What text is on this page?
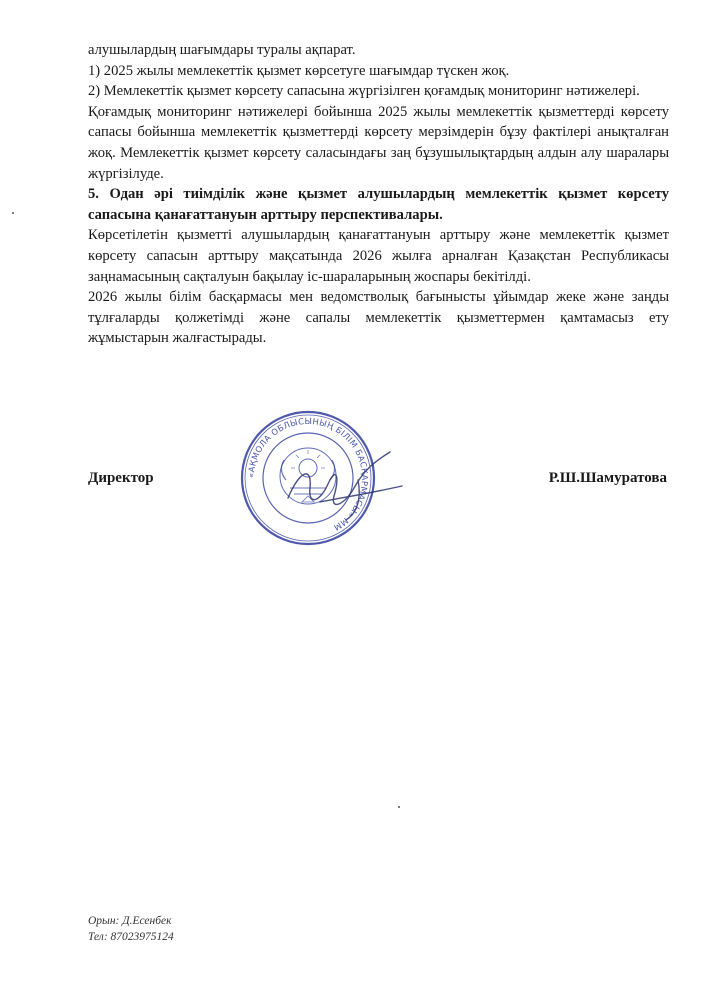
алушылардың шағымдары туралы ақпарат.

1) 2025 жылы мемлекеттік қызмет көрсетуге шағымдар түскен жоқ.

2) Мемлекеттік қызмет көрсету сапасына жүргізілген қоғамдық мониторинг нәтижелері.

Қоғамдық мониторинг нәтижелері бойынша 2025 жылы мемлекеттік қызметтерді көрсету сапасы бойынша мемлекеттік қызметтерді көрсету мерзімдерін бұзу фактілері анықталған жоқ. Мемлекеттік қызмет көрсету саласындағы заң бұзушылықтардың алдын алу шаралары жүргізілуде.

5. Одан әрі тиімділік және қызмет алушылардың мемлекеттік қызмет көрсету сапасына қанағаттануын арттыру перспективалары.

Көрсетілетін қызметті алушылардың қанағаттануын арттыру және мемлекеттік қызмет көрсету сапасын арттыру мақсатында 2026 жылға арналған Қазақстан Республикасы заңнамасының сақталуын бақылау іс-шараларының жоспары бекітілді.

2026 жылы білім басқармасы мен ведомстволық бағынысты ұйымдар жеке және заңды тұлғаларды қолжетімді және сапалы мемлекеттік қызметтермен қамтамасыз ету жұмыстарын жалғастырады.

«АҚМОЛА ОБЛЫСЫНЫҢ БІЛІМ БАСҚАРМАСЫ» ММ
Директор	Р.Ш.Шамуратова
Орын: Д.Есенбек
Тел: 87023975124
